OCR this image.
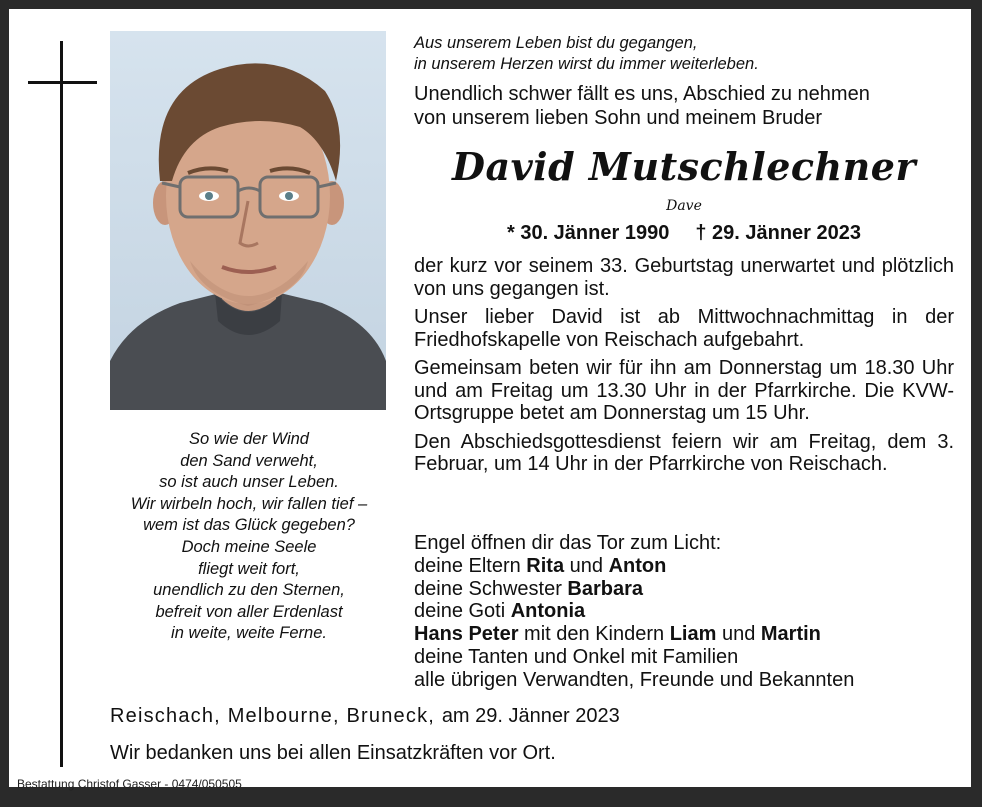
So wie der Wind
den Sand verweht,
so ist auch unser Leben.
Wir wirbeln hoch, wir fallen tief –
wem ist das Glück gegeben?
Doch meine Seele
fliegt weit fort,
unendlich zu den Sternen,
befreit von aller Erdenlast
in weite, weite Ferne.
Aus unserem Leben bist du gegangen,
in unserem Herzen wirst du immer weiterleben.
Unendlich schwer fällt es uns, Abschied zu nehmen
von unserem lieben Sohn und meinem Bruder
David Mutschlechner
Dave
* 30. Jänner 1990 † 29. Jänner 2023

der kurz vor seinem 33. Geburtstag unerwartet und plötzlich von uns gegangen ist.

Unser lieber David ist ab Mittwochnachmittag in der Friedhofskapelle von Reischach aufgebahrt.

Gemeinsam beten wir für ihn am Donnerstag um 18.30 Uhr und am Freitag um 13.30 Uhr in der Pfarrkirche. Die KVW-Ortsgruppe betet am Donnerstag um 15 Uhr.

Den Abschiedsgottesdienst feiern wir am Freitag, dem 3. Februar, um 14 Uhr in der Pfarrkirche von Reischach.

Engel öffnen dir das Tor zum Licht:
deine Eltern Rita und Anton
deine Schwester Barbara
deine Goti Antonia
Hans Peter mit den Kindern Liam und Martin
deine Tanten und Onkel mit Familien
alle übrigen Verwandten, Freunde und Bekannten
Reischach, Melbourne, Bruneck, am 29. Jänner 2023
Wir bedanken uns bei allen Einsatzkräften vor Ort.
Bestattung Christof Gasser - 0474/050505
